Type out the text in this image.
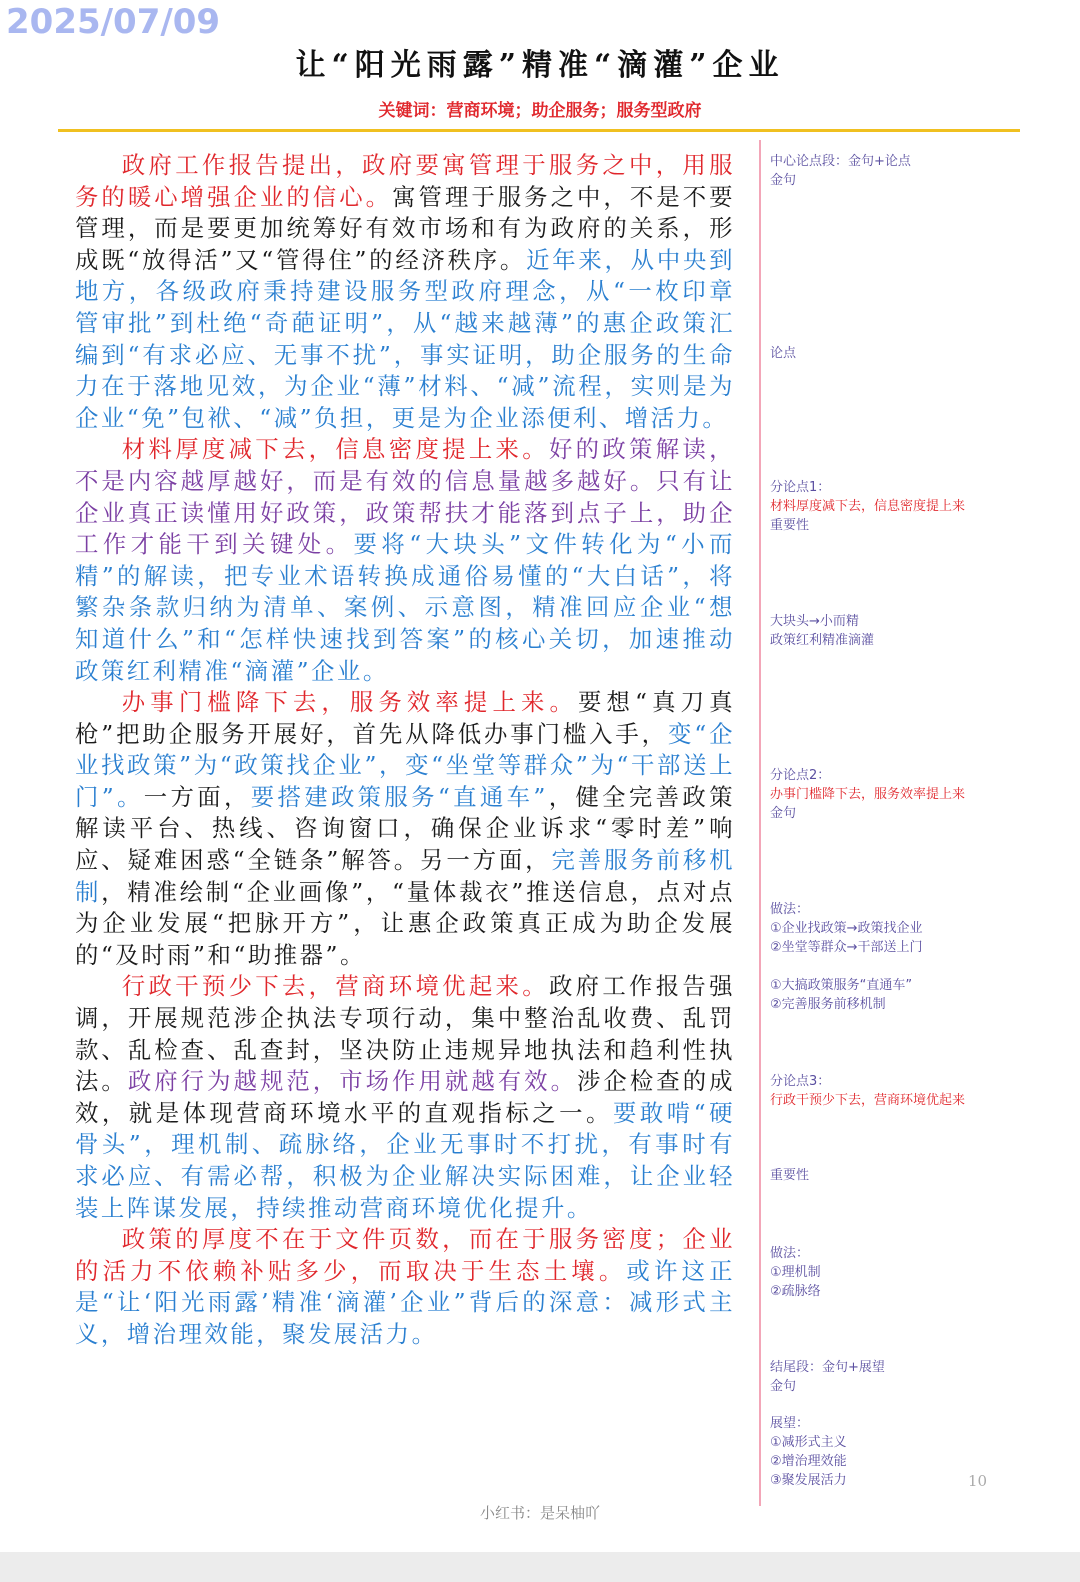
2025/07/09
让“阳光雨露”精准“滴灌”企业
关键词：营商环境；助企服务；服务型政府

政府工作报告提出，政府要寓管理于服务之中，用服务的暖心增强企业的信心。寓管理于服务之中，不是不要管理，而是要更加统筹好有效市场和有为政府的关系，形成既“放得活”又“管得住”的经济秩序。近年来，从中央到地方，各级政府秉持建设服务型政府理念，从“一枚印章管审批”到杜绝“奇葩证明”，从“越来越薄”的惠企政策汇编到“有求必应、无事不扰”，事实证明，助企服务的生命力在于落地见效，为企业“薄”材料、“减”流程，实则是为企业“免”包袱、“减”负担，更是为企业添便利、增活力。

材料厚度减下去，信息密度提上来。好的政策解读，不是内容越厚越好，而是有效的信息量越多越好。只有让企业真正读懂用好政策，政策帮扶才能落到点子上，助企工作才能干到关键处。要将“大块头”文件转化为“小而精”的解读，把专业术语转换成通俗易懂的“大白话”，将繁杂条款归纳为清单、案例、示意图，精准回应企业“想知道什么”和“怎样快速找到答案”的核心关切，加速推动政策红利精准“滴灌”企业。

办事门槛降下去，服务效率提上来。要想“真刀真枪”把助企服务开展好，首先从降低办事门槛入手，变“企业找政策”为“政策找企业”，变“坐堂等群众”为“干部送上门”。一方面，要搭建政策服务“直通车”，健全完善政策解读平台、热线、咨询窗口，确保企业诉求“零时差”响应、疑难困惑“全链条”解答。另一方面，完善服务前移机制，精准绘制“企业画像”，“量体裁衣”推送信息，点对点为企业发展“把脉开方”，让惠企政策真正成为助企发展的“及时雨”和“助推器”。

行政干预少下去，营商环境优起来。政府工作报告强调，开展规范涉企执法专项行动，集中整治乱收费、乱罚款、乱检查、乱查封，坚决防止违规异地执法和趋利性执法。政府行为越规范，市场作用就越有效。涉企检查的成效，就是体现营商环境水平的直观指标之一。要敢啃“硬骨头”，理机制、疏脉络，企业无事时不打扰，有事时有求必应、有需必帮，积极为企业解决实际困难，让企业轻装上阵谋发展，持续推动营商环境优化提升。

政策的厚度不在于文件页数，而在于服务密度；企业的活力不依赖补贴多少，而取决于生态土壤。或许这正是“让‘阳光雨露’精准‘滴灌’企业”背后的深意：减形式主义，增治理效能，聚发展活力。

中心论点段：金句+论点
金句
论点
分论点1：
材料厚度减下去，信息密度提上来
重要性
大块头→小而精
政策红利精准滴灌
分论点2：
办事门槛降下去，服务效率提上来
金句
做法：
①企业找政策→政策找企业
②坐堂等群众→干部送上门
①大搞政策服务“直通车”
②完善服务前移机制
分论点3：
行政干预少下去，营商环境优起来
重要性
做法：
①理机制
②疏脉络
结尾段：金句+展望
金句
展望：
①减形式主义
②增治理效能
③聚发展活力	10
小红书：是呆柚吖
